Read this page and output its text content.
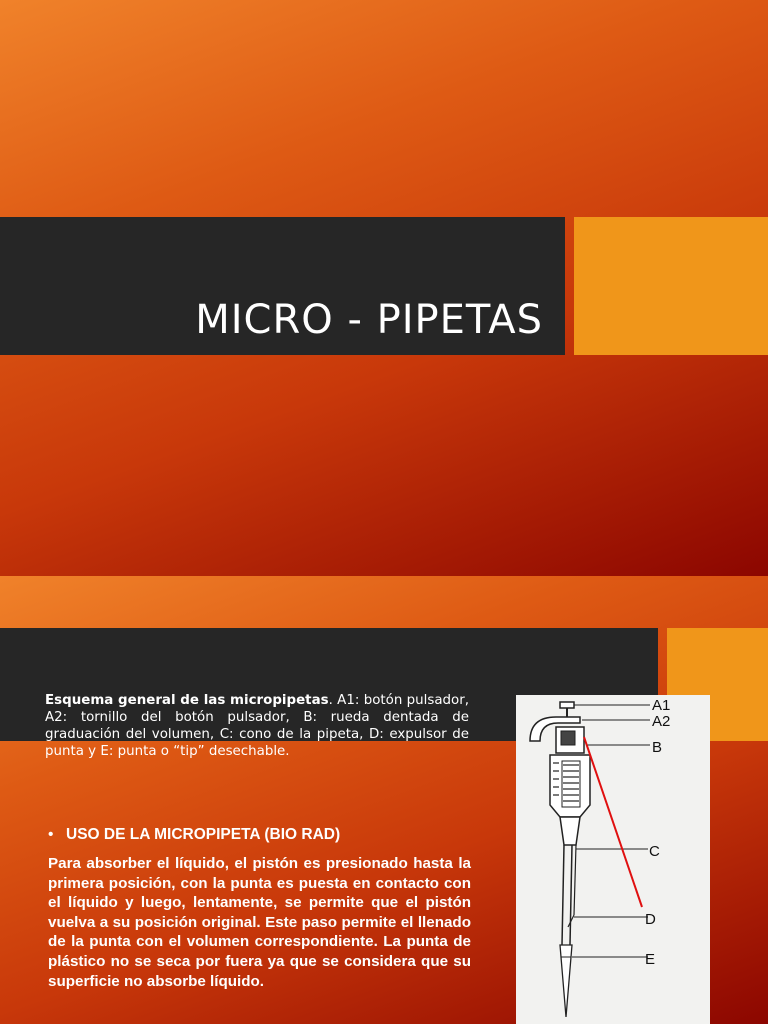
MICRO - PIPETAS
Esquema general de las micropipetas. A1: botón pulsador, A2: tornillo del botón pulsador, B: rueda dentada de graduación del volumen, C: cono de la pipeta, D: expulsor de punta y E: punta o “tip” desechable.
• USO DE LA MICROPIPETA (BIO RAD)
Para absorber el líquido, el pistón es presionado hasta la primera posición, con la punta es puesta en contacto con el líquido y luego, lentamente, se permite que el pistón vuelva a su posición original. Este paso permite el llenado de la punta con el volumen correspondiente. La punta de plástico no se seca por fuera ya que se considera que su superficie no absorbe líquido.
A1
A2
B
C
D
E
